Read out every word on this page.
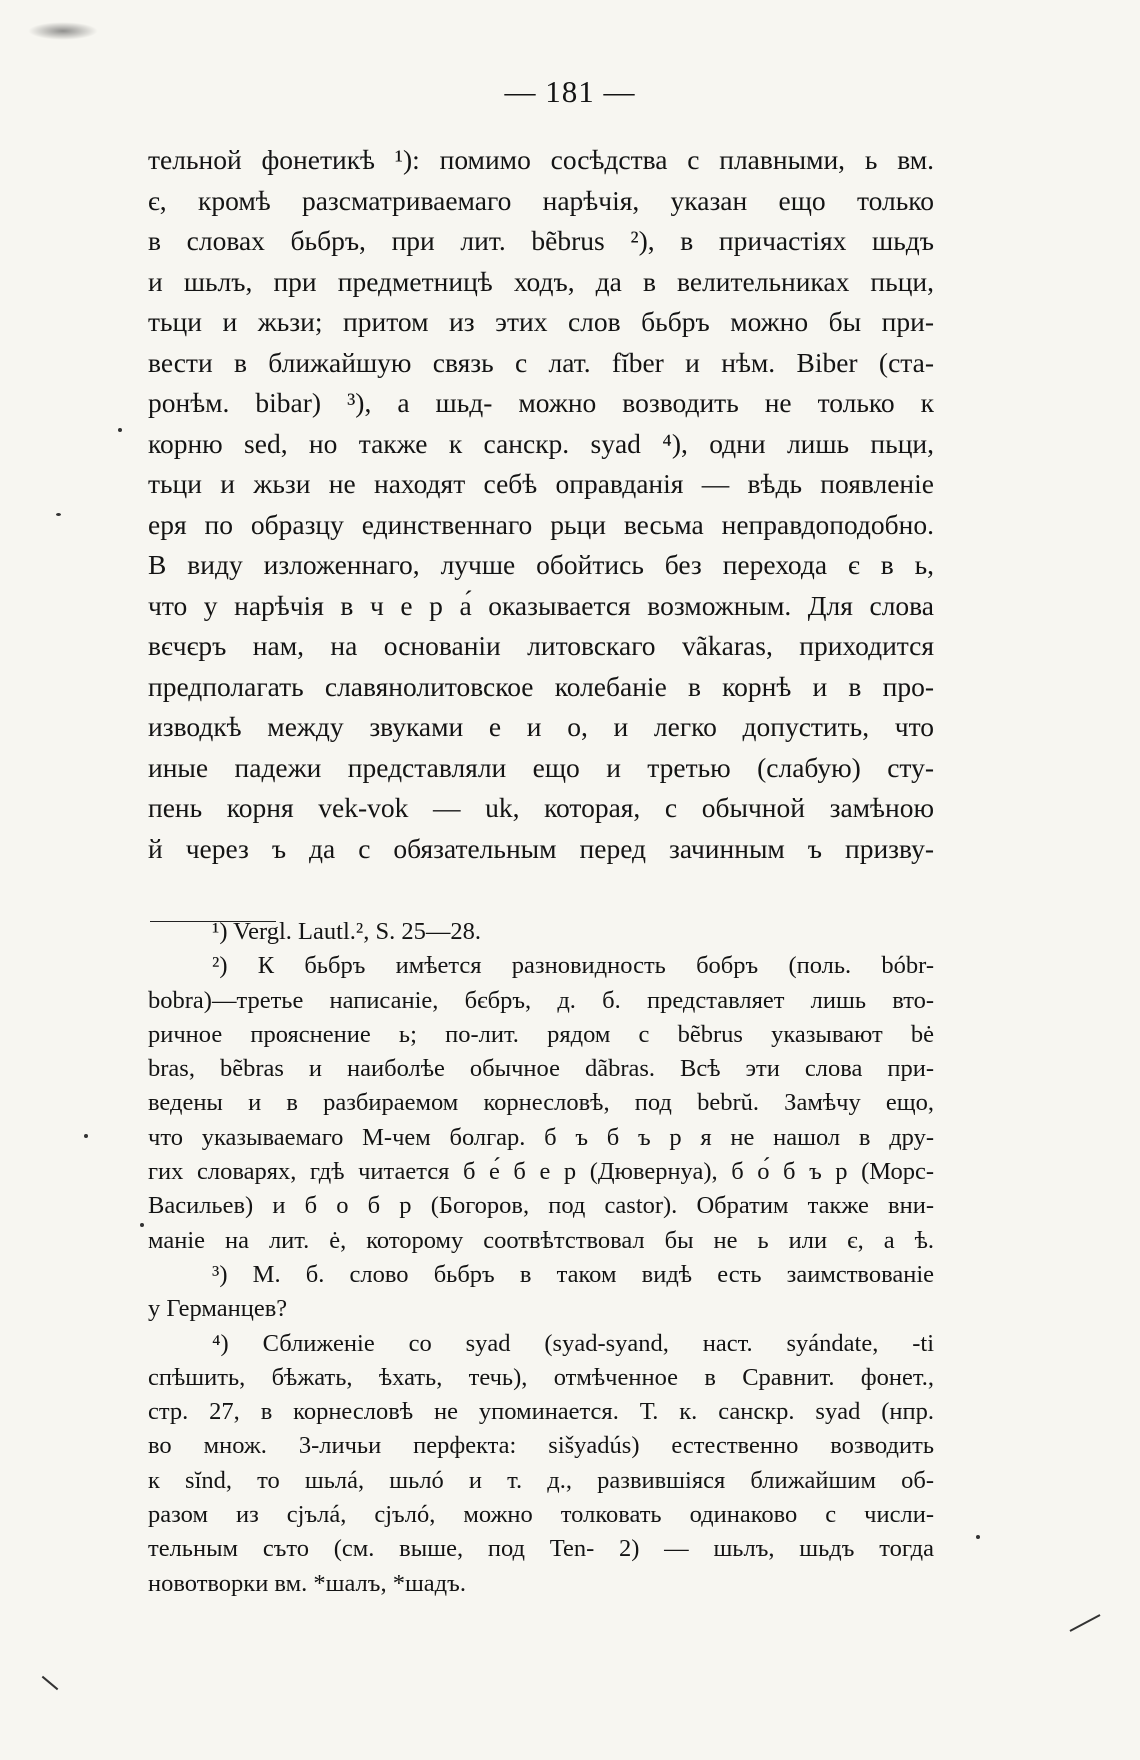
— 181 —
тельной фонетикѣ ¹): помимо сосѣдства с плавными, ь вм.
є, кромѣ разсматриваемаго нарѣчія, указан ещо только
в словах бьбръ, при лит. bẽbrus ²), в причастіях шьдъ
и шьлъ, при предметницѣ ходъ, да в велительниках пьци,
тьци и жьзи; притом из этих слов бьбръ можно бы при-
вести в ближайшую связь с лат. fĭber и нѣм. Biber (ста-
ронѣм. bibar) ³), а шьд- можно возводить не только к
корню sed, но также к санскр. syad ⁴), одни лишь пьци,
тьци и жьзи не находят себѣ оправданія — вѣдь появленіе
еря по образцу единственнаго рьци весьма неправдоподобно.
В виду изложеннаго, лучше обойтись без перехода є в ь,
что у нарѣчія в ч е р а́ оказывается возможным. Для слова
вєчєръ нам, на основаніи литовскаго vãkaras, приходится
предполагать славянолитовское колебаніе в корнѣ и в про-
изводкѣ между звуками e и o, и легко допустить, что
иные падежи представляли ещо и третью (слабую) сту-
пень корня vek-vok — uk, которая, с обычной замѣною
й через ъ да с обязательным перед зачинным ъ призву-
¹) Vergl. Lautl.², S. 25—28.
²) К бьбръ имѣется разновидность бобръ (поль. bóbr-
bobra)—третье написаніе, бєбръ, д. б. представляет лишь вто-
ричное прояснение ь; по-лит. рядом с bẽbrus указывают bė
bras, bẽbras и наиболѣе обычное dãbras. Всѣ эти слова при-
ведены и в разбираемом корнесловѣ, под bebrŭ. Замѣчу ещо,
что указываемаго М-чем болгар. б ъ б ъ р я не нашол в дру-
гих словарях, гдѣ читается б е́ б е р (Дювернуа), б о́ б ъ р (Морс-
Васильев) и б о б р (Богоров, под castor). Обратим также вни-
маніе на лит. ė, которому соотвѣтствовал бы не ь или є, а ѣ.
³) М. б. слово бьбръ в таком видѣ есть заимствованіе
у Германцев?
⁴) Сближеніе со syad (syad-syand, наст. syándate, -ti
спѣшить, бѣжать, ѣхать, течь), отмѣченное в Сравнит. фонет.,
стр. 27, в корнесловѣ не упоминается. Т. к. санскр. syad (нпр.
во множ. 3-личьи перфекта: sišyadús) естественно возводить
к sĭnd, то шьлá, шьлó и т. д., развившіяся ближайшим об-
разом из сјълá, сјълó, можно толковать одинаково с числи-
тельным съто (см. выше, под Ten- 2) — шьлъ, шьдъ тогда
новотворки вм. *шалъ, *шадъ.
